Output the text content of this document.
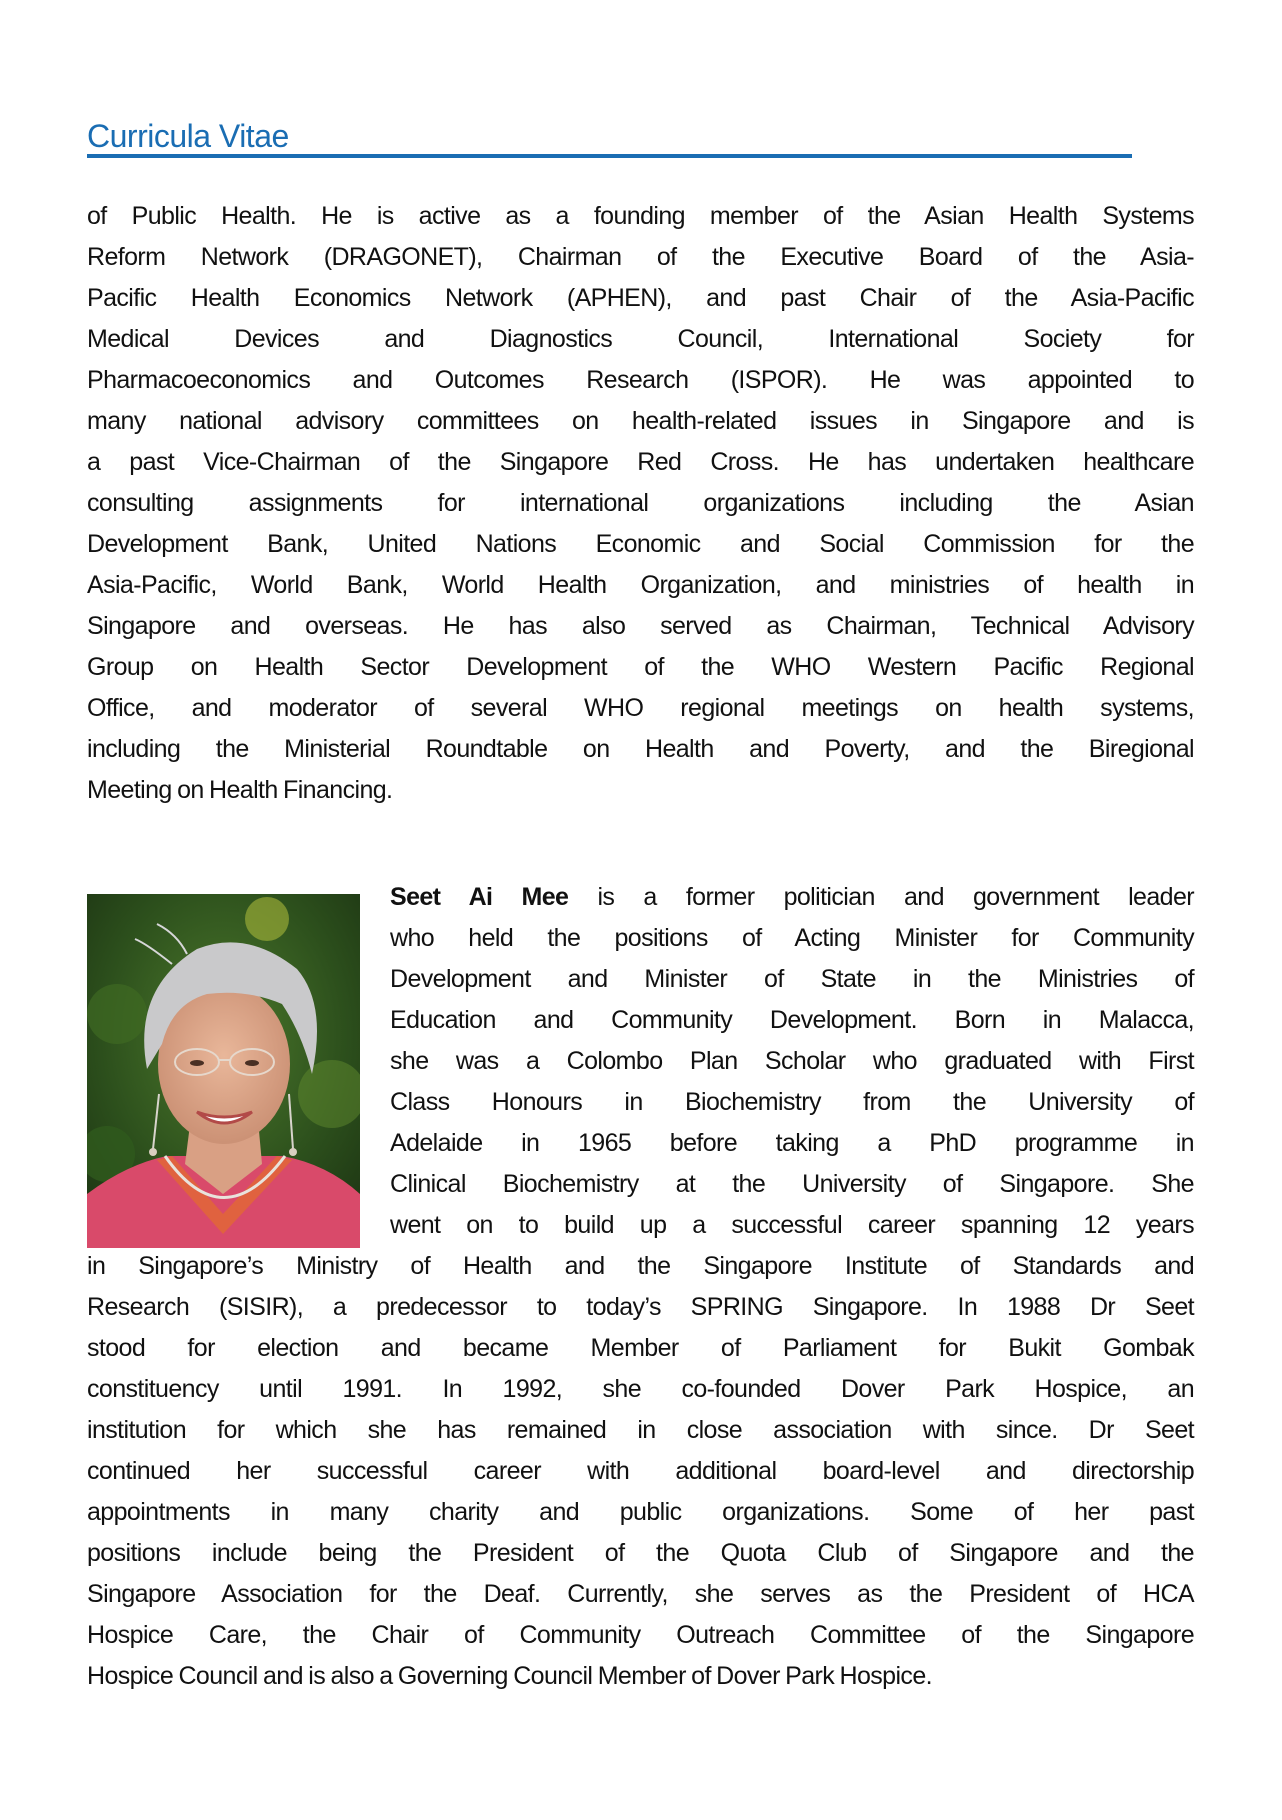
Curricula Vitae
of Public Health. He is active as a founding member of the Asian Health Systems
Reform Network (DRAGONET), Chairman of the Executive Board of the Asia-
Pacific Health Economics Network (APHEN), and past Chair of the Asia-Pacific
Medical Devices and Diagnostics Council, International Society for
Pharmacoeconomics and Outcomes Research (ISPOR). He was appointed to
many national advisory committees on health-related issues in Singapore and is
a past Vice-Chairman of the Singapore Red Cross. He has undertaken healthcare
consulting assignments for international organizations including the Asian
Development Bank, United Nations Economic and Social Commission for the
Asia-Pacific, World Bank, World Health Organization, and ministries of health in
Singapore and overseas. He has also served as Chairman, Technical Advisory
Group on Health Sector Development of the WHO Western Pacific Regional
Office, and moderator of several WHO regional meetings on health systems,
including the Ministerial Roundtable on Health and Poverty, and the Biregional
Meeting on Health Financing.
Seet Ai Mee is a former politician and government leader
who held the positions of Acting Minister for Community
Development and Minister of State in the Ministries of
Education and Community Development. Born in Malacca,
she was a Colombo Plan Scholar who graduated with First
Class Honours in Biochemistry from the University of
Adelaide in 1965 before taking a PhD programme in
Clinical Biochemistry at the University of Singapore. She
went on to build up a successful career spanning 12 years
in Singapore’s Ministry of Health and the Singapore Institute of Standards and
Research (SISIR), a predecessor to today’s SPRING Singapore. In 1988 Dr Seet
stood for election and became Member of Parliament for Bukit Gombak
constituency until 1991. In 1992, she co-founded Dover Park Hospice, an
institution for which she has remained in close association with since. Dr Seet
continued her successful career with additional board-level and directorship
appointments in many charity and public organizations. Some of her past
positions include being the President of the Quota Club of Singapore and the
Singapore Association for the Deaf. Currently, she serves as the President of HCA
Hospice Care, the Chair of Community Outreach Committee of the Singapore
Hospice Council and is also a Governing Council Member of Dover Park Hospice.
